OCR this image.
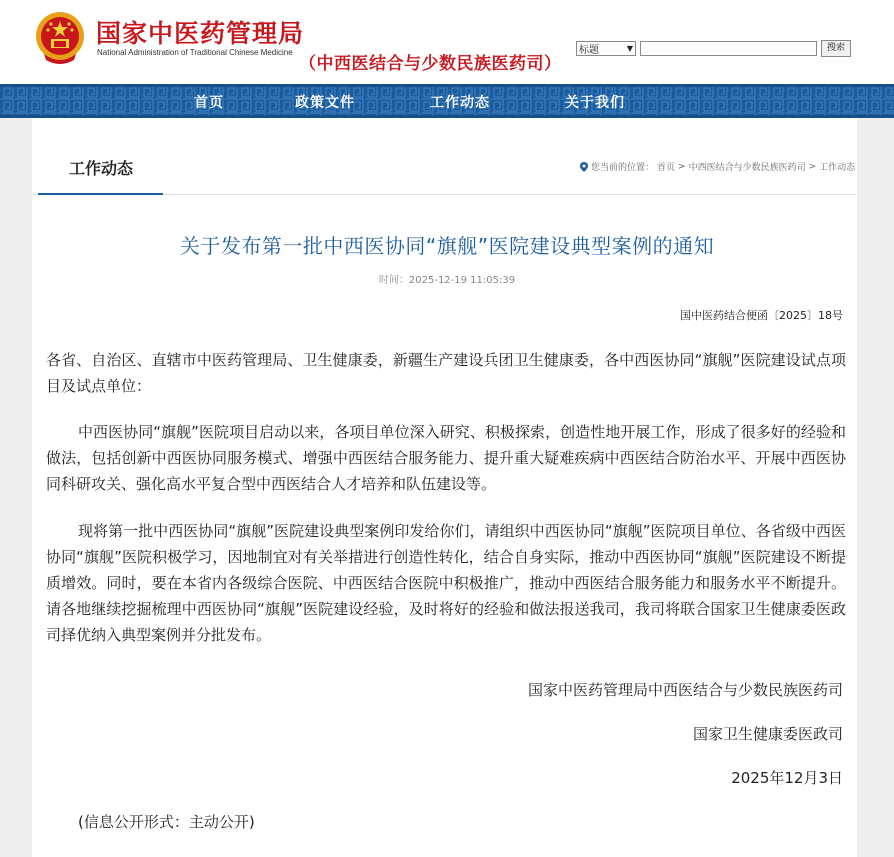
国家中医药管理局
National Administration of Traditional Chinese Medicine
（中西医结合与少数民族医药司）
标题	▼	搜索
首页	政策文件	工作动态	关于我们
工作动态	您当前的位置： 首页 > 中西医结合与少数民族医药司 > 工作动态
关于发布第一批中西医协同“旗舰”医院建设典型案例的通知
时间：2025-12-19 11:05:39
国中医药结合便函〔2025〕18号
各省、自治区、直辖市中医药管理局、卫生健康委，新疆生产建设兵团卫生健康委，各中西医协同“旗舰”医院建设试点项目及试点单位：
中西医协同“旗舰”医院项目启动以来，各项目单位深入研究、积极探索，创造性地开展工作，形成了很多好的经验和做法，包括创新中西医协同服务模式、增强中西医结合服务能力、提升重大疑难疾病中西医结合防治水平、开展中西医协同科研攻关、强化高水平复合型中西医结合人才培养和队伍建设等。
现将第一批中西医协同“旗舰”医院建设典型案例印发给你们，请组织中西医协同“旗舰”医院项目单位、各省级中西医协同“旗舰”医院积极学习，因地制宜对有关举措进行创造性转化，结合自身实际，推动中西医协同“旗舰”医院建设不断提质增效。同时，要在本省内各级综合医院、中西医结合医院中积极推广，推动中西医结合服务能力和服务水平不断提升。请各地继续挖掘梳理中西医协同“旗舰”医院建设经验，及时将好的经验和做法报送我司，我司将联合国家卫生健康委医政司择优纳入典型案例并分批发布。
国家中医药管理局中西医结合与少数民族医药司
国家卫生健康委医政司
2025年12月3日
(信息公开形式：主动公开)
